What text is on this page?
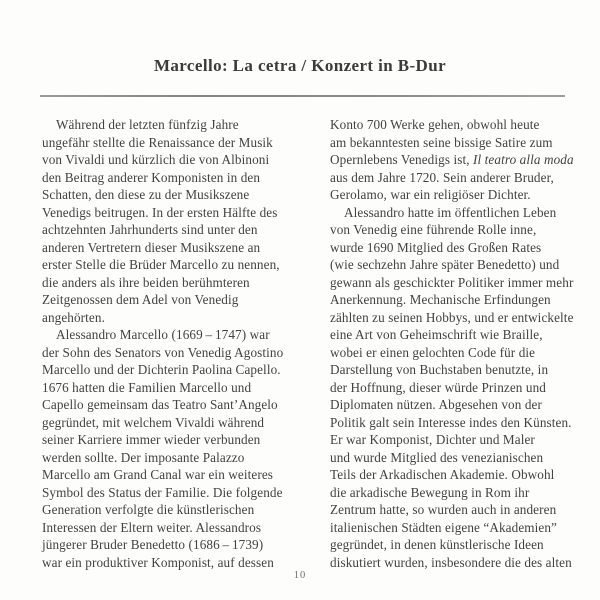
Marcello: La cetra / Konzert in B-Dur
Während der letzten fünfzig Jahre
ungefähr stellte die Renaissance der Musik
von Vivaldi und kürzlich die von Albinoni
den Beitrag anderer Komponisten in den
Schatten, den diese zu der Musikszene
Venedigs beitrugen. In der ersten Hälfte des
achtzehnten Jahrhunderts sind unter den
anderen Vertretern dieser Musikszene an
erster Stelle die Brüder Marcello zu nennen,
die anders als ihre beiden berühmteren
Zeitgenossen dem Adel von Venedig
angehörten.
Alessandro Marcello (1669 – 1747) war
der Sohn des Senators von Venedig Agostino
Marcello und der Dichterin Paolina Capello.
1676 hatten die Familien Marcello und
Capello gemeinsam das Teatro Sant’Angelo
gegründet, mit welchem Vivaldi während
seiner Karriere immer wieder verbunden
werden sollte. Der imposante Palazzo
Marcello am Grand Canal war ein weiteres
Symbol des Status der Familie. Die folgende
Generation verfolgte die künstlerischen
Interessen der Eltern weiter. Alessandros
jüngerer Bruder Benedetto (1686 – 1739)
war ein produktiver Komponist, auf dessen
Konto 700 Werke gehen, obwohl heute
am bekanntesten seine bissige Satire zum
Opernlebens Venedigs ist, Il teatro alla moda
aus dem Jahre 1720. Sein anderer Bruder,
Gerolamo, war ein religiöser Dichter.
Alessandro hatte im öffentlichen Leben
von Venedig eine führende Rolle inne,
wurde 1690 Mitglied des Großen Rates
(wie sechzehn Jahre später Benedetto) und
gewann als geschickter Politiker immer mehr
Anerkennung. Mechanische Erfindungen
zählten zu seinen Hobbys, und er entwickelte
eine Art von Geheimschrift wie Braille,
wobei er einen gelochten Code für die
Darstellung von Buchstaben benutzte, in
der Hoffnung, dieser würde Prinzen und
Diplomaten nützen. Abgesehen von der
Politik galt sein Interesse indes den Künsten.
Er war Komponist, Dichter und Maler
und wurde Mitglied des venezianischen
Teils der Arkadischen Akademie. Obwohl
die arkadische Bewegung in Rom ihr
Zentrum hatte, so wurden auch in anderen
italienischen Städten eigene “Akademien”
gegründet, in denen künstlerische Ideen
diskutiert wurden, insbesondere die des alten
10
